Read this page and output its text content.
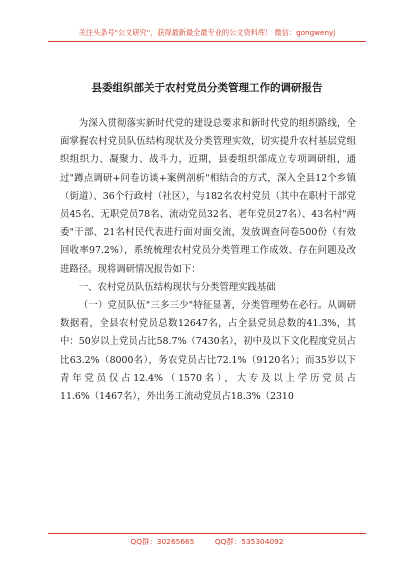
关注头条号"公文研究"，获得最新最全最专业的公文资料库！ 微信：gongwenyj
县委组织部关于农村党员分类管理工作的调研报告

为深入贯彻落实新时代党的建设总要求和新时代党的组织路线，全面掌握农村党员队伍结构现状及分类管理实效，切实提升农村基层党组织组织力、凝聚力、战斗力，近期，县委组织部成立专项调研组，通过"蹲点调研+问卷访谈+案例剖析"相结合的方式，深入全县12个乡镇（街道）、36个行政村（社区），与182名农村党员（其中在职村干部党员45名、无职党员78名、流动党员32名、老年党员27名）、43名村"两委"干部、21名村民代表进行面对面交流，发放调查问卷500份（有效回收率97.2%），系统梳理农村党员分类管理工作成效、存在问题及改进路径。现将调研情况报告如下：

一、农村党员队伍结构现状与分类管理实践基础

（一）党员队伍"三多三少"特征显著，分类管理势在必行。从调研数据看，全县农村党员总数12647名，占全县党员总数的41.3%，其中：50岁以上党员占比58.7%（7430名），初中及以下文化程度党员占比63.2%（8000名），务农党员占比72.1%（9120名）；而35岁以下青年党员仅占12.4%（1570名），大专及以上学历党员占11.6%（1467名），外出务工流动党员占18.3%（2310

QQ群：30265665	QQ群：535304092
